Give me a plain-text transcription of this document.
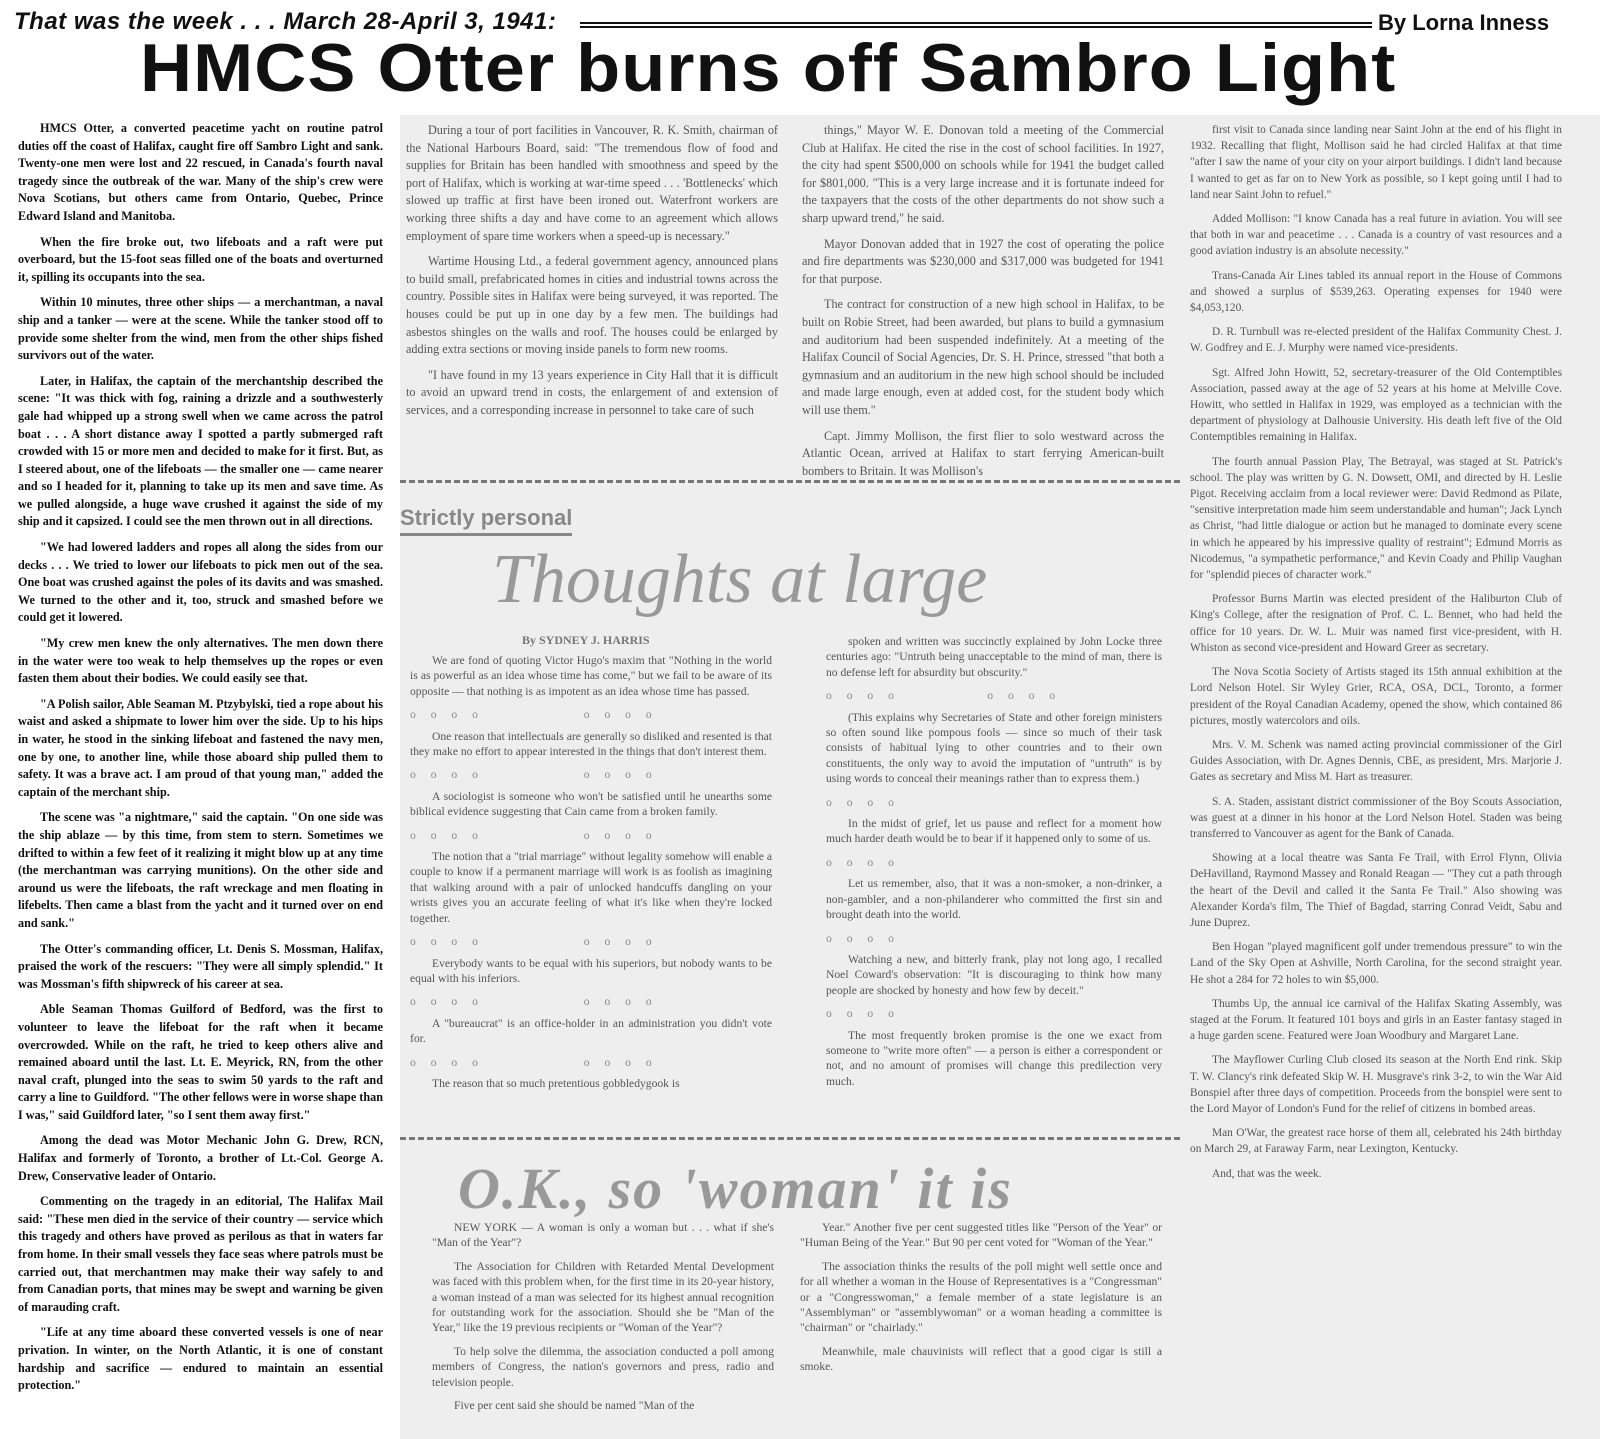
That was the week . . . March 28-April 3, 1941:	By Lorna Inness
HMCS Otter burns off Sambro Light

HMCS Otter, a converted peacetime yacht on routine patrol duties off the coast of Halifax, caught fire off Sambro Light and sank. Twenty-one men were lost and 22 rescued, in Canada's fourth naval tragedy since the outbreak of the war. Many of the ship's crew were Nova Scotians, but others came from Ontario, Quebec, Prince Edward Island and Manitoba.

When the fire broke out, two lifeboats and a raft were put overboard, but the 15-foot seas filled one of the boats and overturned it, spilling its occupants into the sea.

Within 10 minutes, three other ships — a merchantman, a naval ship and a tanker — were at the scene. While the tanker stood off to provide some shelter from the wind, men from the other ships fished survivors out of the water.

Later, in Halifax, the captain of the merchantship described the scene: "It was thick with fog, raining a drizzle and a southwesterly gale had whipped up a strong swell when we came across the patrol boat . . . A short distance away I spotted a partly submerged raft crowded with 15 or more men and decided to make for it first. But, as I steered about, one of the lifeboats — the smaller one — came nearer and so I headed for it, planning to take up its men and save time. As we pulled alongside, a huge wave crushed it against the side of my ship and it capsized. I could see the men thrown out in all directions.

"We had lowered ladders and ropes all along the sides from our decks . . . We tried to lower our lifeboats to pick men out of the sea. One boat was crushed against the poles of its davits and was smashed. We turned to the other and it, too, struck and smashed before we could get it lowered.

"My crew men knew the only alternatives. The men down there in the water were too weak to help themselves up the ropes or even fasten them about their bodies. We could easily see that.

"A Polish sailor, Able Seaman M. Ptzybylski, tied a rope about his waist and asked a shipmate to lower him over the side. Up to his hips in water, he stood in the sinking lifeboat and fastened the navy men, one by one, to another line, while those aboard ship pulled them to safety. It was a brave act. I am proud of that young man," added the captain of the merchant ship.

The scene was "a nightmare," said the captain. "On one side was the ship ablaze — by this time, from stem to stern. Sometimes we drifted to within a few feet of it realizing it might blow up at any time (the merchantman was carrying munitions). On the other side and around us were the lifeboats, the raft wreckage and men floating in lifebelts. Then came a blast from the yacht and it turned over on end and sank."

The Otter's commanding officer, Lt. Denis S. Mossman, Halifax, praised the work of the rescuers: "They were all simply splendid." It was Mossman's fifth shipwreck of his career at sea.

Able Seaman Thomas Guilford of Bedford, was the first to volunteer to leave the lifeboat for the raft when it became overcrowded. While on the raft, he tried to keep others alive and remained aboard until the last. Lt. E. Meyrick, RN, from the other naval craft, plunged into the seas to swim 50 yards to the raft and carry a line to Guildford. "The other fellows were in worse shape than I was," said Guildford later, "so I sent them away first."

Among the dead was Motor Mechanic John G. Drew, RCN, Halifax and formerly of Toronto, a brother of Lt.-Col. George A. Drew, Conservative leader of Ontario.

Commenting on the tragedy in an editorial, The Halifax Mail said: "These men died in the service of their country — service which this tragedy and others have proved as perilous as that in waters far from home. In their small vessels they face seas where patrols must be carried out, that merchantmen may make their way safely to and from Canadian ports, that mines may be swept and warning be given of marauding craft.

"Life at any time aboard these converted vessels is one of near privation. In winter, on the North Atlantic, it is one of constant hardship and sacrifice — endured to maintain an essential protection."

During a tour of port facilities in Vancouver, R. K. Smith, chairman of the National Harbours Board, said: "The tremendous flow of food and supplies for Britain has been handled with smoothness and speed by the port of Halifax, which is working at war-time speed . . . 'Bottlenecks' which slowed up traffic at first have been ironed out. Waterfront workers are working three shifts a day and have come to an agreement which allows employment of spare time workers when a speed-up is necessary."

Wartime Housing Ltd., a federal government agency, announced plans to build small, prefabricated homes in cities and industrial towns across the country. Possible sites in Halifax were being surveyed, it was reported. The houses could be put up in one day by a few men. The buildings had asbestos shingles on the walls and roof. The houses could be enlarged by adding extra sections or moving inside panels to form new rooms.

"I have found in my 13 years experience in City Hall that it is difficult to avoid an upward trend in costs, the enlargement of and extension of services, and a corresponding increase in personnel to take care of such

things," Mayor W. E. Donovan told a meeting of the Commercial Club at Halifax. He cited the rise in the cost of school facilities. In 1927, the city had spent $500,000 on schools while for 1941 the budget called for $801,000. "This is a very large increase and it is fortunate indeed for the taxpayers that the costs of the other departments do not show such a sharp upward trend," he said.

Mayor Donovan added that in 1927 the cost of operating the police and fire departments was $230,000 and $317,000 was budgeted for 1941 for that purpose.

The contract for construction of a new high school in Halifax, to be built on Robie Street, had been awarded, but plans to build a gymnasium and auditorium had been suspended indefinitely. At a meeting of the Halifax Council of Social Agencies, Dr. S. H. Prince, stressed "that both a gymnasium and an auditorium in the new high school should be included and made large enough, even at added cost, for the student body which will use them."

Capt. Jimmy Mollison, the first flier to solo westward across the Atlantic Ocean, arrived at Halifax to start ferrying American-built bombers to Britain. It was Mollison's

first visit to Canada since landing near Saint John at the end of his flight in 1932. Recalling that flight, Mollison said he had circled Halifax at that time "after I saw the name of your city on your airport buildings. I didn't land because I wanted to get as far on to New York as possible, so I kept going until I had to land near Saint John to refuel."

Added Mollison: "I know Canada has a real future in aviation. You will see that both in war and peacetime . . . Canada is a country of vast resources and a good aviation industry is an absolute necessity."

Trans-Canada Air Lines tabled its annual report in the House of Commons and showed a surplus of $539,263. Operating expenses for 1940 were $4,053,120.

D. R. Turnbull was re-elected president of the Halifax Community Chest. J. W. Godfrey and E. J. Murphy were named vice-presidents.

Sgt. Alfred John Howitt, 52, secretary-treasurer of the Old Contemptibles Association, passed away at the age of 52 years at his home at Melville Cove. Howitt, who settled in Halifax in 1929, was employed as a technician with the department of physiology at Dalhousie University. His death left five of the Old Contemptibles remaining in Halifax.

The fourth annual Passion Play, The Betrayal, was staged at St. Patrick's school. The play was written by G. N. Dowsett, OMI, and directed by H. Leslie Pigot. Receiving acclaim from a local reviewer were: David Redmond as Pilate, "sensitive interpretation made him seem understandable and human"; Jack Lynch as Christ, "had little dialogue or action but he managed to dominate every scene in which he appeared by his impressive quality of restraint"; Edmund Morris as Nicodemus, "a sympathetic performance," and Kevin Coady and Philip Vaughan for "splendid pieces of character work."

Professor Burns Martin was elected president of the Haliburton Club of King's College, after the resignation of Prof. C. L. Bennet, who had held the office for 10 years. Dr. W. L. Muir was named first vice-president, with H. Whiston as second vice-president and Howard Greer as secretary.

The Nova Scotia Society of Artists staged its 15th annual exhibition at the Lord Nelson Hotel. Sir Wyley Grier, RCA, OSA, DCL, Toronto, a former president of the Royal Canadian Academy, opened the show, which contained 86 pictures, mostly watercolors and oils.

Mrs. V. M. Schenk was named acting provincial commissioner of the Girl Guides Association, with Dr. Agnes Dennis, CBE, as president, Mrs. Marjorie J. Gates as secretary and Miss M. Hart as treasurer.

S. A. Staden, assistant district commissioner of the Boy Scouts Association, was guest at a dinner in his honor at the Lord Nelson Hotel. Staden was being transferred to Vancouver as agent for the Bank of Canada.

Showing at a local theatre was Santa Fe Trail, with Errol Flynn, Olivia DeHavilland, Raymond Massey and Ronald Reagan — "They cut a path through the heart of the Devil and called it the Santa Fe Trail." Also showing was Alexander Korda's film, The Thief of Bagdad, starring Conrad Veidt, Sabu and June Duprez.

Ben Hogan "played magnificent golf under tremendous pressure" to win the Land of the Sky Open at Ashville, North Carolina, for the second straight year. He shot a 284 for 72 holes to win $5,000.

Thumbs Up, the annual ice carnival of the Halifax Skating Assembly, was staged at the Forum. It featured 101 boys and girls in an Easter fantasy staged in a huge garden scene. Featured were Joan Woodbury and Margaret Lane.

The Mayflower Curling Club closed its season at the North End rink. Skip T. W. Clancy's rink defeated Skip W. H. Musgrave's rink 3-2, to win the War Aid Bonspiel after three days of competition. Proceeds from the bonspiel were sent to the Lord Mayor of London's Fund for the relief of citizens in bombed areas.

Man O'War, the greatest race horse of them all, celebrated his 24th birthday on March 29, at Faraway Farm, near Lexington, Kentucky.

And, that was the week.

Strictly personal
Thoughts at large
By SYDNEY J. HARRIS

We are fond of quoting Victor Hugo's maxim that "Nothing in the world is as powerful as an idea whose time has come," but we fail to be aware of its opposite — that nothing is as impotent as an idea whose time has passed.

o o o o	o o o o

One reason that intellectuals are generally so disliked and resented is that they make no effort to appear interested in the things that don't interest them.

o o o o	o o o o

A sociologist is someone who won't be satisfied until he unearths some biblical evidence suggesting that Cain came from a broken family.

o o o o	o o o o

The notion that a "trial marriage" without legality somehow will enable a couple to know if a permanent marriage will work is as foolish as imagining that walking around with a pair of unlocked handcuffs dangling on your wrists gives you an accurate feeling of what it's like when they're locked together.

o o o o	o o o o

Everybody wants to be equal with his superiors, but nobody wants to be equal with his inferiors.

o o o o	o o o o

A "bureaucrat" is an office-holder in an administration you didn't vote for.

o o o o	o o o o

The reason that so much pretentious gobbledygook is

spoken and written was succinctly explained by John Locke three centuries ago: "Untruth being unacceptable to the mind of man, there is no defense left for absurdity but obscurity."

o o o o	o o o o

(This explains why Secretaries of State and other foreign ministers so often sound like pompous fools — since so much of their task consists of habitual lying to other countries and to their own constituents, the only way to avoid the imputation of "untruth" is by using words to conceal their meanings rather than to express them.)

o o o o

In the midst of grief, let us pause and reflect for a moment how much harder death would be to bear if it happened only to some of us.

o o o o

Let us remember, also, that it was a non-smoker, a non-drinker, a non-gambler, and a non-philanderer who committed the first sin and brought death into the world.

o o o o

Watching a new, and bitterly frank, play not long ago, I recalled Noel Coward's observation: "It is discouraging to think how many people are shocked by honesty and how few by deceit."

o o o o

The most frequently broken promise is the one we exact from someone to "write more often" — a person is either a correspondent or not, and no amount of promises will change this predilection very much.

O.K., so 'woman' it is

NEW YORK — A woman is only a woman but . . . what if she's "Man of the Year"?

The Association for Children with Retarded Mental Development was faced with this problem when, for the first time in its 20-year history, a woman instead of a man was selected for its highest annual recognition for outstanding work for the association. Should she be "Man of the Year," like the 19 previous recipients or "Woman of the Year"?

To help solve the dilemma, the association conducted a poll among members of Congress, the nation's governors and press, radio and television people.

Five per cent said she should be named "Man of the

Year." Another five per cent suggested titles like "Person of the Year" or "Human Being of the Year." But 90 per cent voted for "Woman of the Year."

The association thinks the results of the poll might well settle once and for all whether a woman in the House of Representatives is a "Congressman" or a "Congresswoman," a female member of a state legislature is an "Assemblyman" or "assemblywoman" or a woman heading a committee is "chairman" or "chairlady."

Meanwhile, male chauvinists will reflect that a good cigar is still a smoke.
